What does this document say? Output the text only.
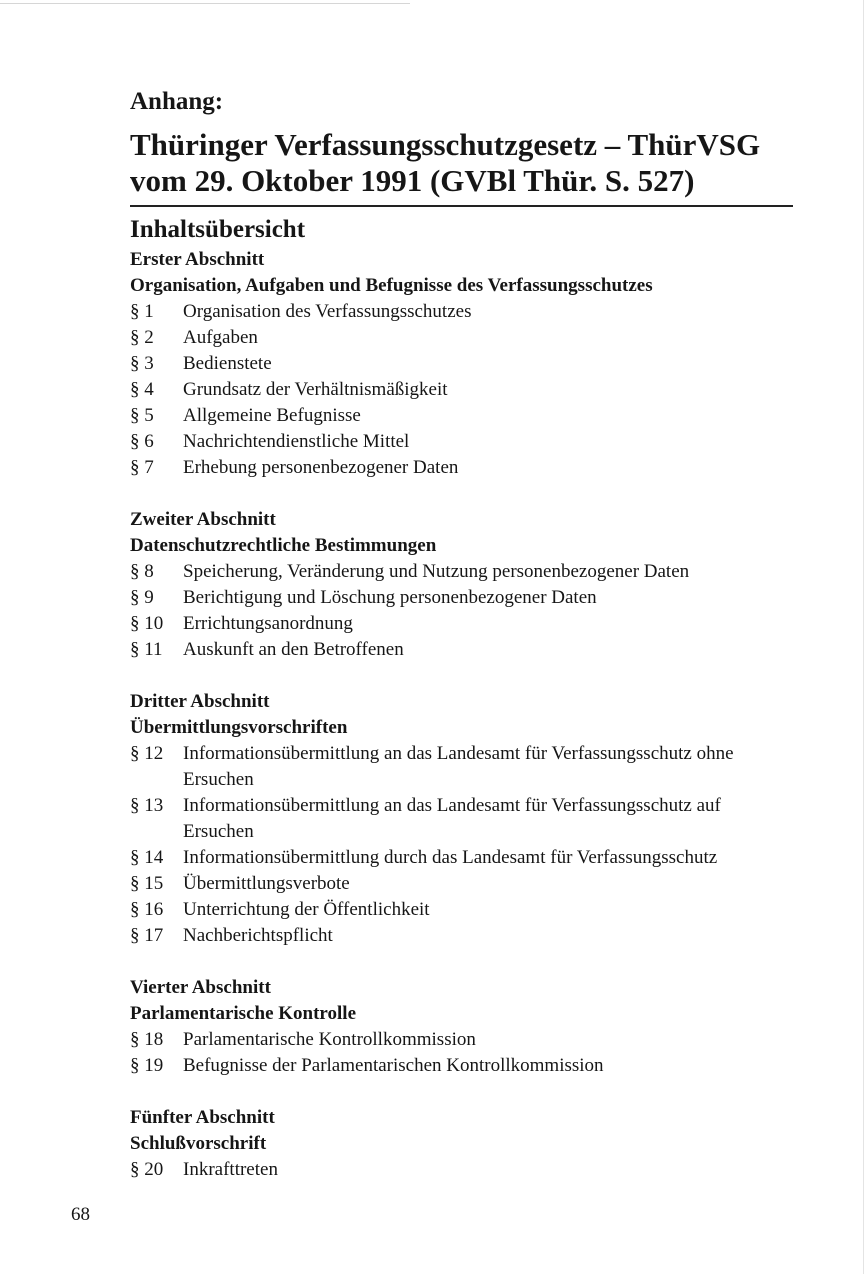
Anhang:
Thüringer Verfassungsschutzgesetz – ThürVSG
vom 29. Oktober 1991 (GVBl Thür. S. 527)
Inhaltsübersicht
Erster Abschnitt
Organisation, Aufgaben und Befugnisse des Verfassungsschutzes
§ 1	Organisation des Verfassungsschutzes
§ 2	Aufgaben
§ 3	Bedienstete
§ 4	Grundsatz der Verhältnismäßigkeit
§ 5	Allgemeine Befugnisse
§ 6	Nachrichtendienstliche Mittel
§ 7	Erhebung personenbezogener Daten
Zweiter Abschnitt
Datenschutzrechtliche Bestimmungen
§ 8	Speicherung, Veränderung und Nutzung personenbezogener Daten
§ 9	Berichtigung und Löschung personenbezogener Daten
§ 10	Errichtungsanordnung
§ 11	Auskunft an den Betroffenen
Dritter Abschnitt
Übermittlungsvorschriften
§ 12	Informationsübermittlung an das Landesamt für Verfassungsschutz ohne Ersuchen
§ 13	Informationsübermittlung an das Landesamt für Verfassungsschutz auf Ersuchen
§ 14	Informationsübermittlung durch das Landesamt für Verfassungsschutz
§ 15	Übermittlungsverbote
§ 16	Unterrichtung der Öffentlichkeit
§ 17	Nachberichtspflicht
Vierter Abschnitt
Parlamentarische Kontrolle
§ 18	Parlamentarische Kontrollkommission
§ 19	Befugnisse der Parlamentarischen Kontrollkommission
Fünfter Abschnitt
Schlußvorschrift
§ 20	Inkrafttreten
68
